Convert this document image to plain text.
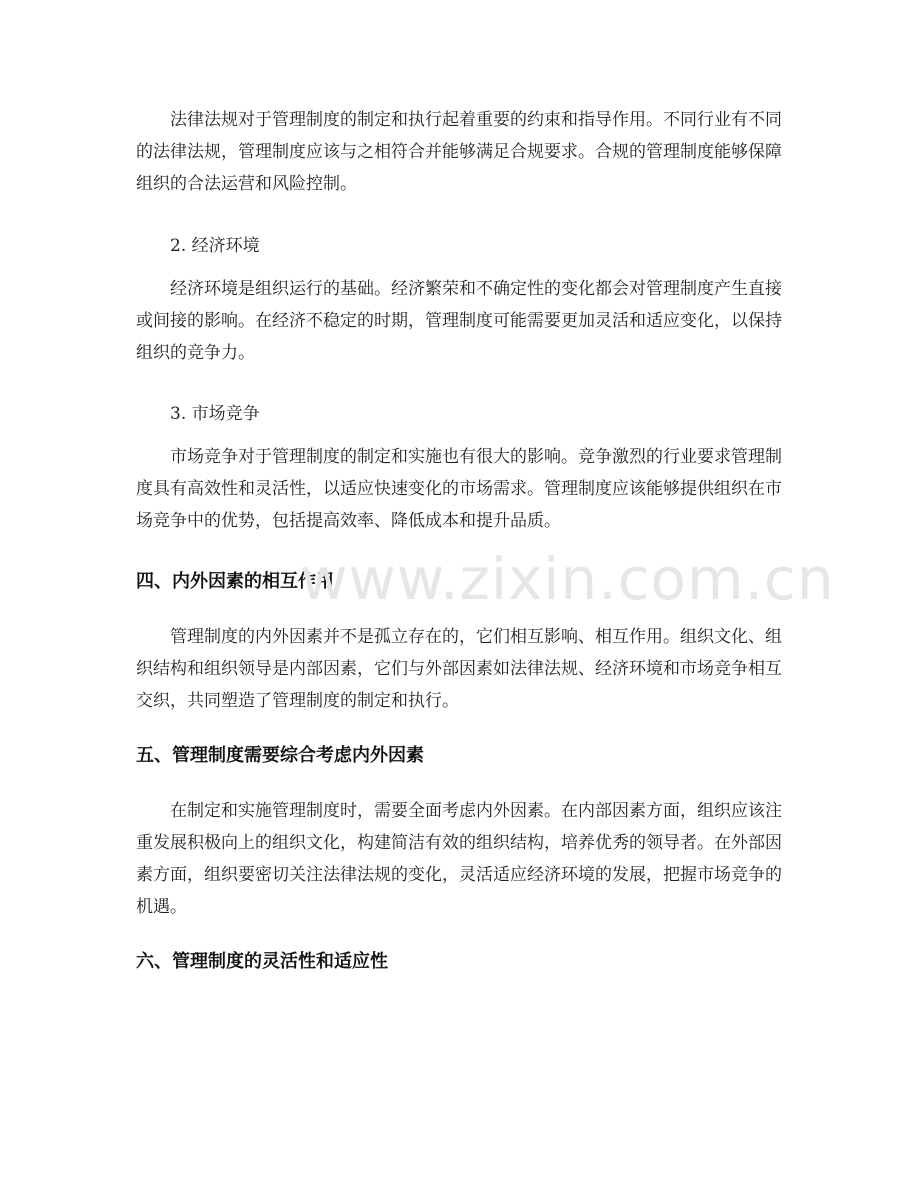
法律法规对于管理制度的制定和执行起着重要的约束和指导作用。不同行业有不同的法律法规，管理制度应该与之相符合并能够满足合规要求。合规的管理制度能够保障组织的合法运营和风险控制。

2. 经济环境

经济环境是组织运行的基础。经济繁荣和不确定性的变化都会对管理制度产生直接或间接的影响。在经济不稳定的时期，管理制度可能需要更加灵活和适应变化，以保持组织的竞争力。

3. 市场竞争

市场竞争对于管理制度的制定和实施也有很大的影响。竞争激烈的行业要求管理制度具有高效性和灵活性，以适应快速变化的市场需求。管理制度应该能够提供组织在市场竞争中的优势，包括提高效率、降低成本和提升品质。

四、内外因素的相互作用

管理制度的内外因素并不是孤立存在的，它们相互影响、相互作用。组织文化、组织结构和组织领导是内部因素，它们与外部因素如法律法规、经济环境和市场竞争相互交织，共同塑造了管理制度的制定和执行。

五、管理制度需要综合考虑内外因素

在制定和实施管理制度时，需要全面考虑内外因素。在内部因素方面，组织应该注重发展积极向上的组织文化，构建简洁有效的组织结构，培养优秀的领导者。在外部因素方面，组织要密切关注法律法规的变化，灵活适应经济环境的发展，把握市场竞争的机遇。

六、管理制度的灵活性和适应性

www.zixin.com.cn
